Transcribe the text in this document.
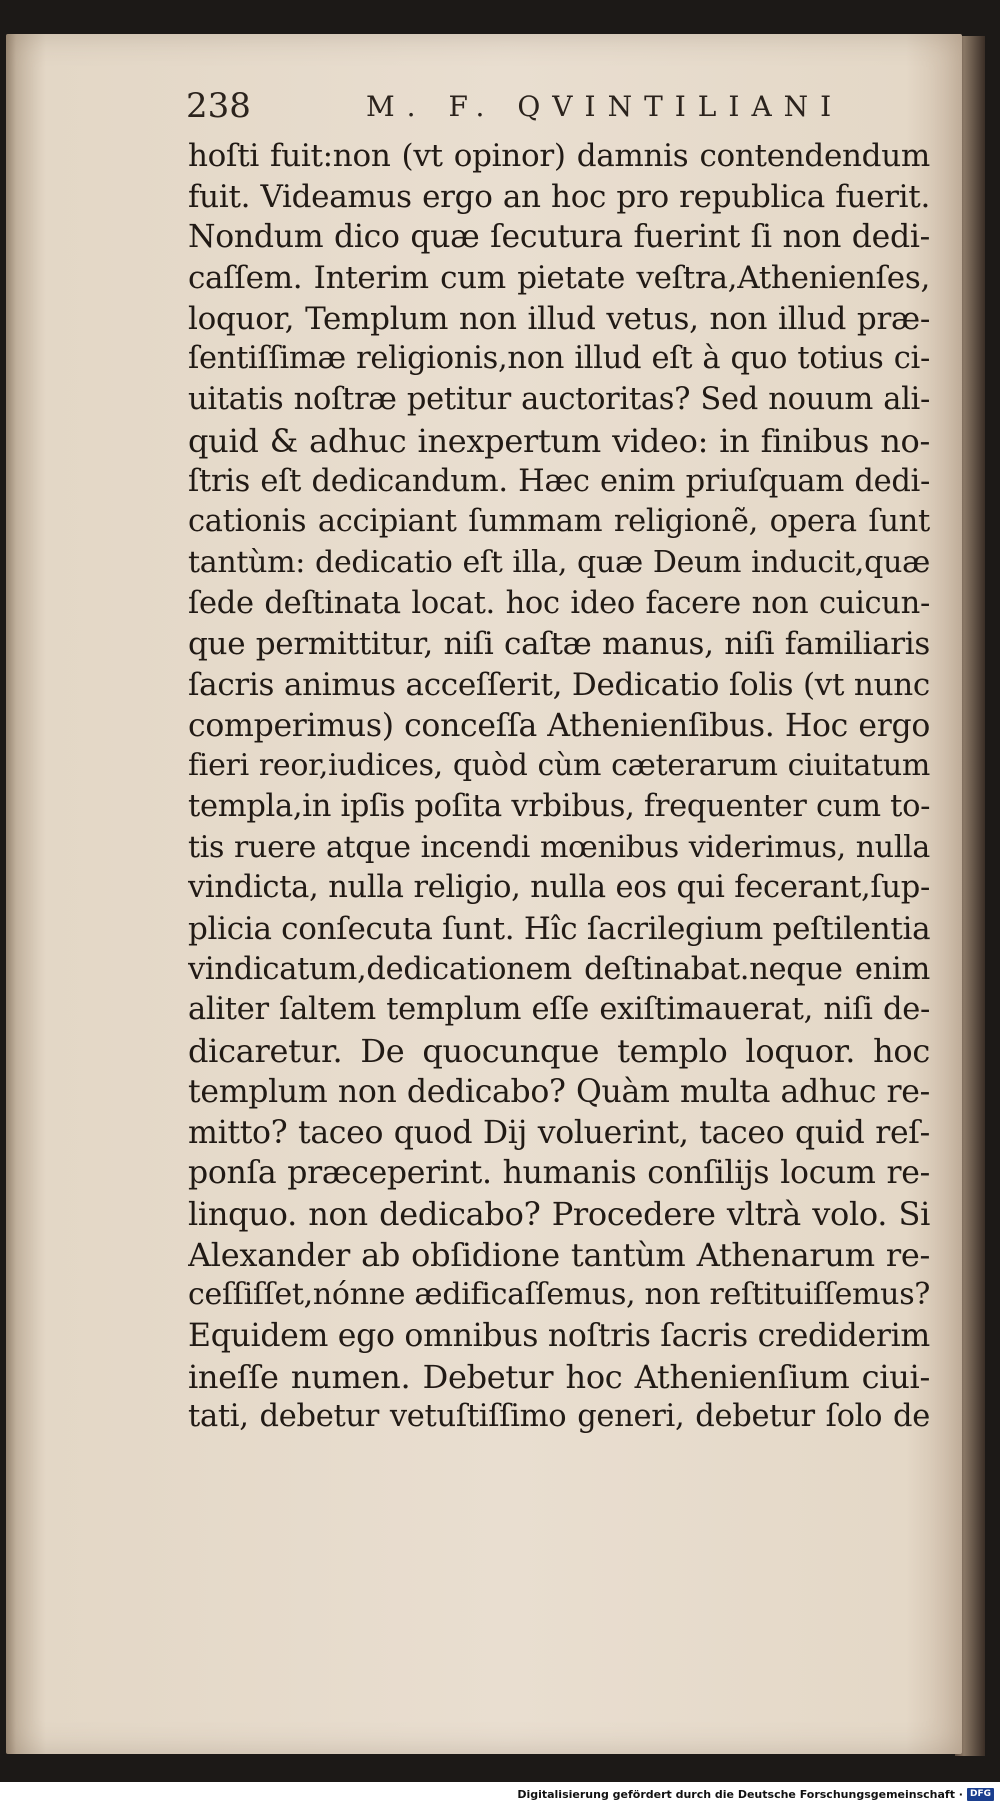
238	M. F. QVINTILIANI
hoſti fuit:non (vt opinor) damnis contendendum
fuit. Videamus ergo an hoc pro republica fuerit.
Nondum dico quæ ſecutura fuerint ſi non dedi-
caſſem. Interim cum pietate veſtra,Athenienſes,
loquor, Templum non illud vetus, non illud præ-
ſentiſſimæ religionis,non illud eſt à quo totius ci-
uitatis noſtræ petitur auctoritas? Sed nouum ali-
quid & adhuc inexpertum video: in finibus no-
ſtris eſt dedicandum. Hæc enim priuſquam dedi-
cationis accipiant ſummam religionẽ, opera ſunt
tantùm: dedicatio eſt illa, quæ Deum inducit,quæ
ſede deſtinata locat. hoc ideo facere non cuicun-
que permittitur, niſi caſtæ manus, niſi familiaris
ſacris animus acceſſerit, Dedicatio ſolis (vt nunc
comperimus) conceſſa Athenienſibus. Hoc ergo
fieri reor,iudices, quòd cùm cæterarum ciuitatum
templa,in ipſis poſita vrbibus, frequenter cum to-
tis ruere atque incendi mœnibus viderimus, nulla
vindicta, nulla religio, nulla eos qui fecerant,ſup-
plicia conſecuta ſunt. Hîc ſacrilegium peſtilentia
vindicatum,dedicationem deſtinabat.neque enim
aliter ſaltem templum eſſe exiſtimauerat, niſi de-
dicaretur. De quocunque templo loquor. hoc
templum non dedicabo? Quàm multa adhuc re-
mitto? taceo quod Dij voluerint, taceo quid reſ-
ponſa præceperint. humanis conſilijs locum re-
linquo. non dedicabo? Procedere vltrà volo. Si
Alexander ab obſidione tantùm Athenarum re-
ceſſiſſet,nónne ædificaſſemus, non reſtituiſſemus?
Equidem ego omnibus noſtris ſacris crediderim
ineſſe numen. Debetur hoc Athenienſium ciui-
tati, debetur vetuſtiſſimo generi, debetur ſolo de
Digitalisierung gefördert durch die Deutsche Forschungsgemeinschaft · DFG
